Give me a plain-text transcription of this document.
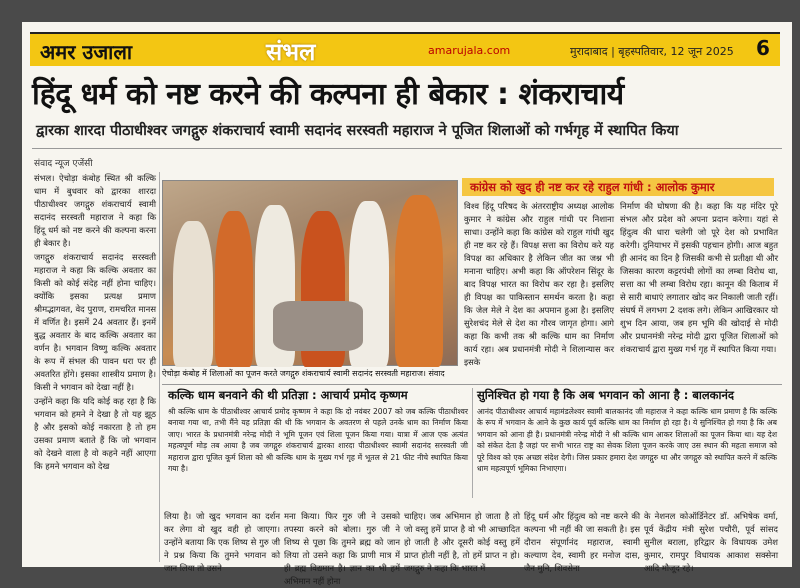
अमर उजाला	संभल	amarujala.com	मुरादाबाद | बृहस्पतिवार, 12 जून 2025	6
हिंदू धर्म को नष्ट करने की कल्पना ही बेकार : शंकराचार्य
द्वारका शारदा पीठाधीश्वर जगद्गुरु शंकराचार्य स्वामी सदानंद सरस्वती महाराज ने पूजित शिलाओं को गर्भगृह में स्थापित किया
संवाद न्यूज एजेंसी

संभल। ऐचोड़ा कंबोह स्थित श्री कल्कि धाम में बुधवार को द्वारका शारदा पीठाधीश्वर जगद्गुरु शंकराचार्य स्वामी सदानंद सरस्वती महाराज ने कहा कि हिंदू धर्म को नष्ट करने की कल्पना करना ही बेकार है।

जगद्गुरु शंकराचार्य सदानंद सरस्वती महाराज ने कहा कि कल्कि अवतार का किसी को कोई संदेह नहीं होना चाहिए। क्योंकि इसका प्रत्यक्ष प्रमाण श्रीमद्भागवत, वेद पुराण, रामचरित मानस में वर्णित है। इसमें 24 अवतार हैं। इनमें बुद्ध अवतार के बाद कल्कि अवतार का वर्णन है। भगवान विष्णु कल्कि अवतार के रूप में संभल की पावन धरा पर ही अवतरित होंगे। इसका शास्त्रीय प्रमाण है। किसी ने भगवान को देखा नहीं है।

उन्होंने कहा कि यदि कोई कह रहा है कि भगवान को हमने ने देखा है तो यह झूठ है और इसको कोई नकारता है तो हम उसका प्रमाण बताते हैं कि जो भगवान को देखने वाला है वो कहने नहीं आएगा कि हमने भगवान को देख

ऐचोड़ा कंबोह में शिलाओं का पूजन करते जगद्गुरु शंकराचार्य स्वामी सदानंद सरस्वती महाराज। संवाद
कांग्रेस को खुद ही नष्ट कर रहे राहुल गांधी : आलोक कुमार
विश्व हिंदू परिषद के अंतरराष्ट्रीय अध्यक्ष आलोक कुमार ने कांग्रेस और राहुल गांधी पर निशाना साधा। उन्होंने कहा कि कांग्रेस को राहुल गांधी खुद ही नष्ट कर रहे हैं। विपक्ष सत्ता का विरोध करे यह विपक्ष का अधिकार है लेकिन जीत का जश्न भी मनाना चाहिए। अभी कहा कि ऑपरेशन सिंदूर के बाद विपक्ष भारत का विरोध कर रहा है। इसलिए ही विपक्ष का पाकिस्तान समर्थन करता है। कहा कि जेल मेले ने देश का अपमान हुआ है। इसलिए सुरेशचंद मेले से देश का गौरव जागृत होगा। आगे कहा कि कभी तक श्री कल्कि धाम का निर्माण कार्य रहा। अब प्रधानमंत्री मोदी ने शिलान्यास कर इसके
निर्माण की घोषणा की है। कहा कि यह मंदिर पूरे संभल और प्रदेश को अपना प्रदान करेगा। यहां से हिंदुत्व की धारा चलेगी जो पूरे देश को प्रभावित करेगी। दुनियाभर में इसकी पहचान होगी। आज बहुत ही आनंद का दिन है जिसकी कभी से प्रतीक्षा थी और जिसका कारण कट्टरपंथी लोगों का लम्बा विरोध था, सत्ता का भी लम्बा विरोध रहा। कानून की किताब में से सारी बाधाएं लगातार खोद कर निकाली जाती रहीं। संघर्ष में लगभग 2 दशक लगे। लेकिन आखिरकार यो शुभ दिन आया, जब हम भूमि की खोदाई से मोदी और प्रधानमंत्री नरेन्द्र मोदी द्वारा पूजित शिलाओं को शंकराचार्य द्वारा मुख्य गर्भ गृह में स्थापित किया गया।
कल्कि धाम बनवाने की थी प्रतिज्ञा : आचार्य प्रमोद कृष्णम
श्री कल्कि धाम के पीठाधीश्वर आचार्य प्रमोद कृष्णम ने कहा कि दो नवंबर 2007 को जब कल्कि पीठाधीश्वर बनाया गया था, तभी मैंने यह प्रतिज्ञा की थी कि भगवान के अवतरण से पहले उनके धाम का निर्माण किया जाए। भारत के प्रधानमंत्री नरेन्द्र मोदी ने भूमि पूजन एवं शिला पूजन किया गया। यात्रा में आज एक अत्यंत महत्वपूर्ण मोड़ तब आया है जब जगद्गुरु शंकराचार्य द्वारका शारदा पीठाधीश्वर स्वामी सदानंद सरस्वती जी महाराज द्वारा पूजित कूर्म शिला को श्री कल्कि धाम के मुख्य गर्भ गृह में भूतल से 21 फीट नीचे स्थापित किया गया है।
सुनिश्चित हो गया है कि अब भगवान को आना है : बालकानंद
आनंद पीठाधीश्वर आचार्य महामंडलेश्वर स्वामी बालकानंद जी महाराज ने कहा कल्कि धाम प्रमाण है कि कल्कि के रूप में भगवान के आने के कुछ कार्य पूर्व कल्कि धाम का निर्माण हो रहा है। ये सुनिश्चित हो गया है कि अब भगवान को आना ही है। प्रधानमंत्री नरेन्द्र मोदी ने श्री कल्कि धाम आकर शिलाओं का पूजन किया था। यह देश को संकेत देता है जहां पर सभी भारत राष्ट्र का सेवक शिला पूजन करके जाए उस स्थान की महता समाज को पूरे विश्व को एक अच्छा संदेश देगी। जिस प्रकार हमारा देश जगद्गुरु था और जगद्गुरु को स्थापित करने में कल्कि धाम महत्वपूर्ण भूमिका निभाएगा।
लिया है। जो खुद भगवान का दर्शन कर लेगा वो खुद वही हो जाएगा। उन्होंने बताया कि एक शिष्य से गुरु जी ने प्रश्न किया कि तुमने भगवान को जान लिया तो उसने
मना किया। फिर गुरु जी ने उसको तपस्या करने को बोला। गुरु जी ने शिष्य से पूछा कि तुमने ब्रह्म को जान लिया तो उसने कहा कि प्राणी मात्र में ही ब्रह्म विद्यमान है। ज्ञान का भी हमें अभिमान नहीं होना
चाहिए। जब अभिमान हो जाता है तो जो वस्तु हमें प्राप्त है वो भी आच्छादित हो जाती है और दूसरी कोई वस्तु हमें प्राप्त होती नहीं है, तो हमें प्राप्त न हो। जगद्गुरु ने कहा कि भारत में
हिंदू धर्म और हिंदुत्व को नष्ट करने की कल्पना भी नहीं की जा सकती है। इस दौरान संपूर्णानंद महाराज, स्वामी कल्याण देव, स्वामी हर मनोज दास, जैन मुनि, शिवसेना
के नेशनल कोऑर्डिनेटर डॉ. अभिषेक वर्मा, पूर्व केंद्रीय मंत्री सुरेश पचौरी, पूर्व सांसद सुनील बराला, हरिद्वार के विधायक उमेश कुमार, रामपुर विधायक आकाश सक्सेना आदि मौजूद रहे।
